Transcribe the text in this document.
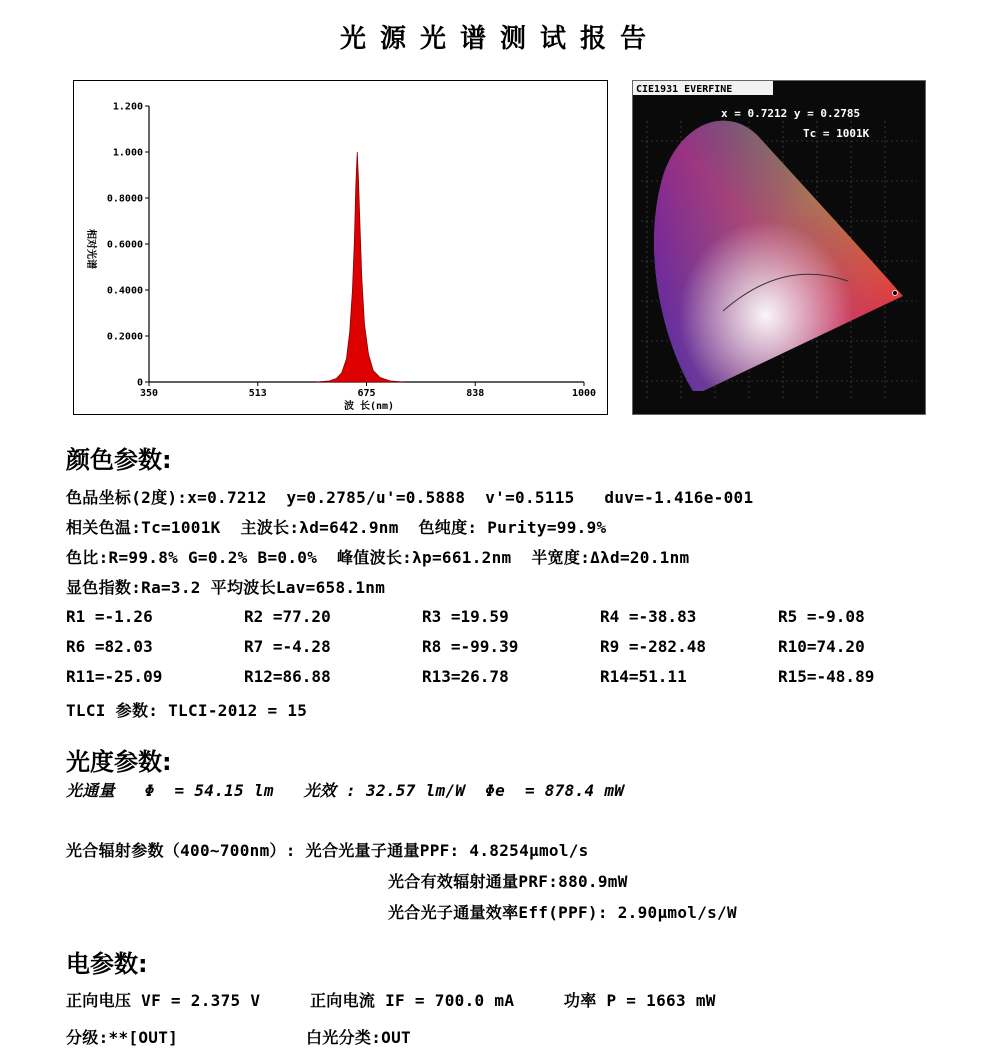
光源光谱测试报告
0
0.2000
0.4000
0.6000
0.8000
1.000
1.200
350	513	675	838	1000
相对光谱
波 长(nm)
CIE1931 EVERFINE
x = 0.7212 y = 0.2785
Tc = 1001K
颜色参数:
色品坐标(2度):x=0.7212  y=0.2785/u'=0.5888  v'=0.5115   duv=-1.416e-001
相关色温:Tc=1001K  主波长:λd=642.9nm  色纯度: Purity=99.9%
色比:R=99.8% G=0.2% B=0.0%  峰值波长:λp=661.2nm  半宽度:Δλd=20.1nm
显色指数:Ra=3.2 平均波长Lav=658.1nm
R1 =-1.26	R2 =77.20	R3 =19.59	R4 =-38.83	R5 =-9.08
R6 =82.03	R7 =-4.28	R8 =-99.39	R9 =-282.48	R10=74.20
R11=-25.09	R12=86.88	R13=26.78	R14=51.11	R15=-48.89
TLCI 参数: TLCI-2012 = 15
光度参数:
光通量   Φ  = 54.15 lm   光效 : 32.57 lm/W  Φe  = 878.4 mW
光合辐射参数（400~700nm）: 光合光量子通量PPF: 4.8254μmol/s
光合有效辐射通量PRF:880.9mW
光合光子通量效率Eff(PPF): 2.90μmol/s/W
电参数:
正向电压 VF = 2.375 V     正向电流 IF = 700.0 mA     功率 P = 1663 mW
分级:**[OUT]	白光分类:OUT
